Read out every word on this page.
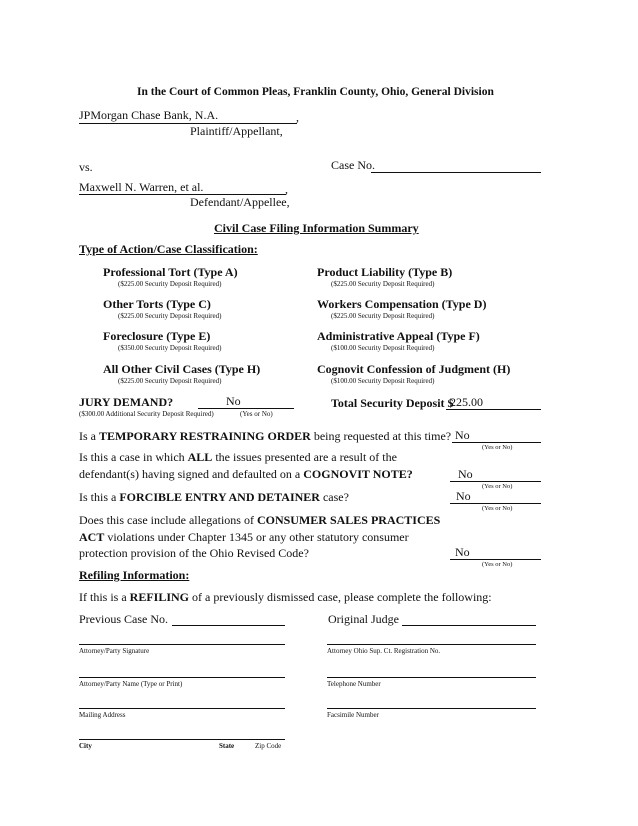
In the Court of Common Pleas, Franklin County, Ohio, General Division
JPMorgan Chase Bank, N.A.	,
Plaintiff/Appellant,
vs.	Case No.
Maxwell N. Warren, et al.	,
Defendant/Appellee,
Civil Case Filing Information Summary
Type of Action/Case Classification:
Professional Tort (Type A)
($225.00 Security Deposit Required)
Product Liability (Type B)
($225.00 Security Deposit Required)
Other Torts (Type C)
($225.00 Security Deposit Required)
Workers Compensation (Type D)
($225.00 Security Deposit Required)
Foreclosure (Type E)
($350.00 Security Deposit Required)
Administrative Appeal (Type F)
($100.00 Security Deposit Required)
All Other Civil Cases (Type H)
($225.00 Security Deposit Required)
Cognovit Confession of Judgment (H)
($100.00 Security Deposit Required)
JURY DEMAND?	No
($300.00 Additional Security Deposit Required)	(Yes or No)
Total Security Deposit $
225.00
Is a TEMPORARY RESTRAINING ORDER being requested at this time? No
(Yes or No)
Is this a case in which ALL the issues presented are a result of the
defendant(s) having signed and defaulted on a COGNOVIT NOTE?	No
(Yes or No)
Is this a FORCIBLE ENTRY AND DETAINER case?	No
(Yes or No)
Does this case include allegations of CONSUMER SALES PRACTICES
ACT violations under Chapter 1345 or any other statutory consumer
protection provision of the Ohio Revised Code?	No
(Yes or No)
Refiling Information:
If this is a REFILING of a previously dismissed case, please complete the following:
Previous Case No.	Original Judge
Attorney/Party Signature	Attorney Ohio Sup. Ct. Registration No.
Attorney/Party Name (Type or Print)	Telephone Number
Mailing Address	Facsimile Number
City	State	Zip Code
